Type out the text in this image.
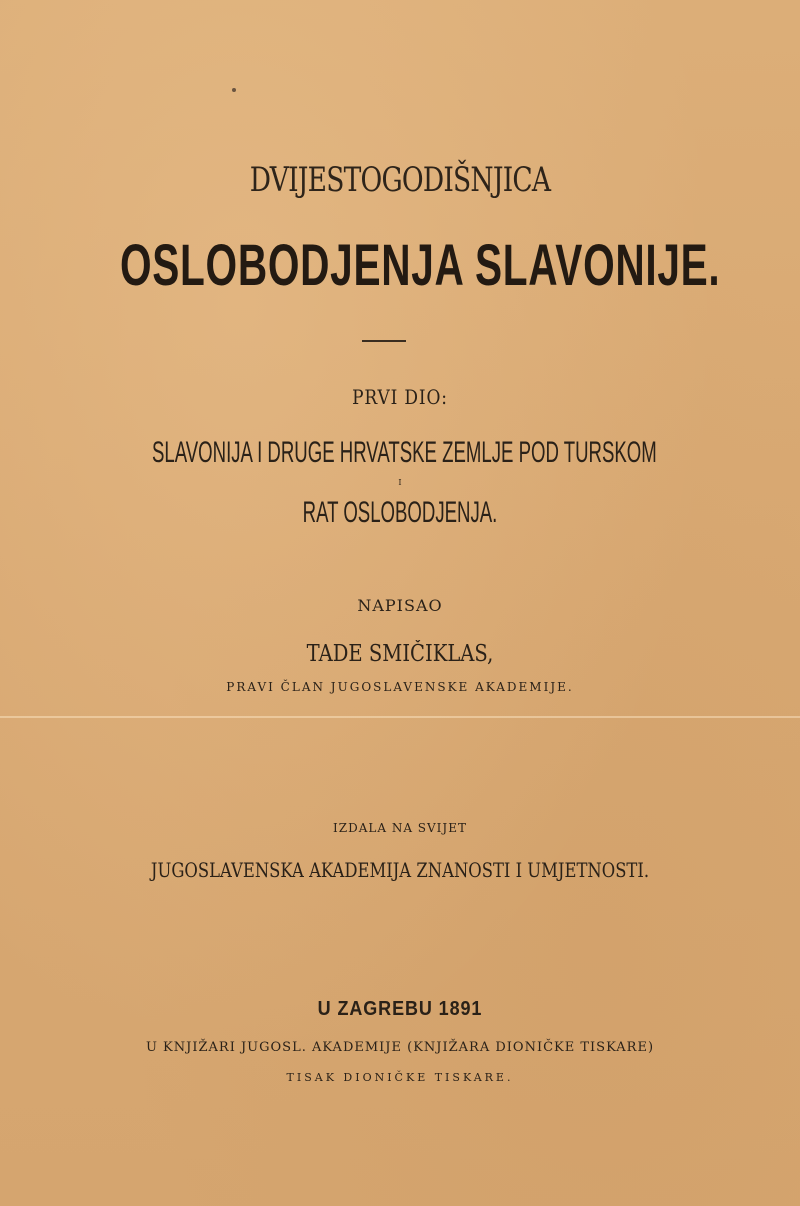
DVIJESTOGODIŠNJICA

OSLOBODJENJA SLAVONIJE.

PRVI DIO:

SLAVONIJA I DRUGE HRVATSKE ZEMLJE POD TURSKOM

I

RAT OSLOBODJENJA.

NAPISAO

TADE SMIČIKLAS,

PRAVI ČLAN JUGOSLAVENSKE AKADEMIJE.

IZDALA NA SVIJET

JUGOSLAVENSKA AKADEMIJA ZNANOSTI I UMJETNOSTI.

U ZAGREBU 1891

U KNJIŽARI JUGOSL. AKADEMIJE (KNJIŽARA DIONIČKE TISKARE)

TISAK DIONIČKE TISKARE.
